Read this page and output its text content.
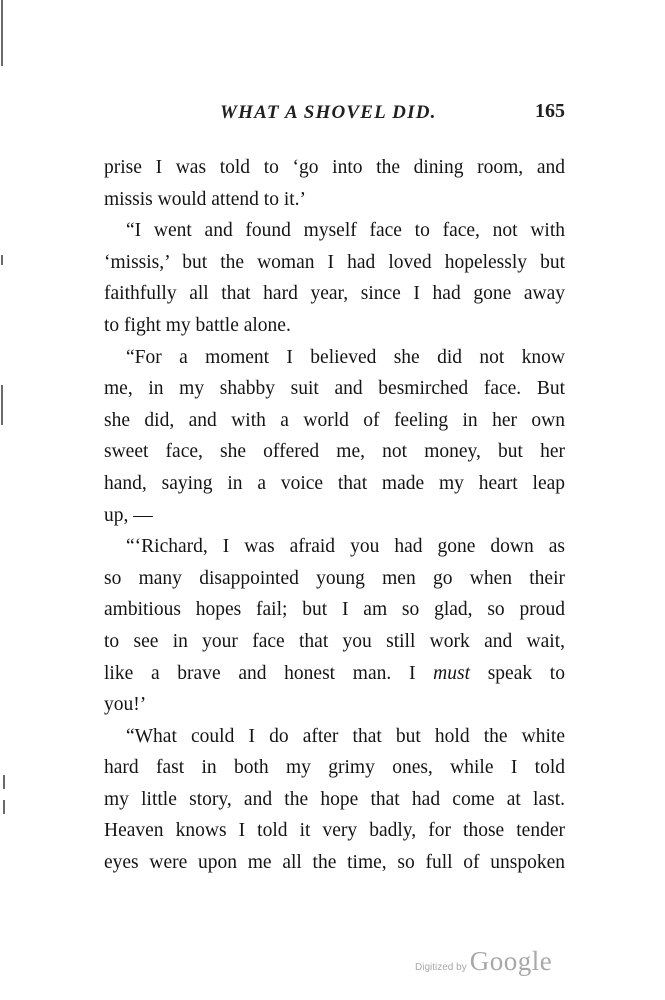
WHAT A SHOVEL DID.	165
prise I was told to ‘go into the dining room, and
missis would attend to it.’
“I went and found myself face to face, not with
‘missis,’ but the woman I had loved hopelessly but
faithfully all that hard year, since I had gone away
to fight my battle alone.
“For a moment I believed she did not know
me, in my shabby suit and besmirched face. But
she did, and with a world of feeling in her own
sweet face, she offered me, not money, but her
hand, saying in a voice that made my heart leap
up, —
“‘Richard, I was afraid you had gone down as
so many disappointed young men go when their
ambitious hopes fail; but I am so glad, so proud
to see in your face that you still work and wait,
like a brave and honest man. I must speak to
you!’
“What could I do after that but hold the white
hard fast in both my grimy ones, while I told
my little story, and the hope that had come at last.
Heaven knows I told it very badly, for those tender
eyes were upon me all the time, so full of unspoken
Digitized by Google
